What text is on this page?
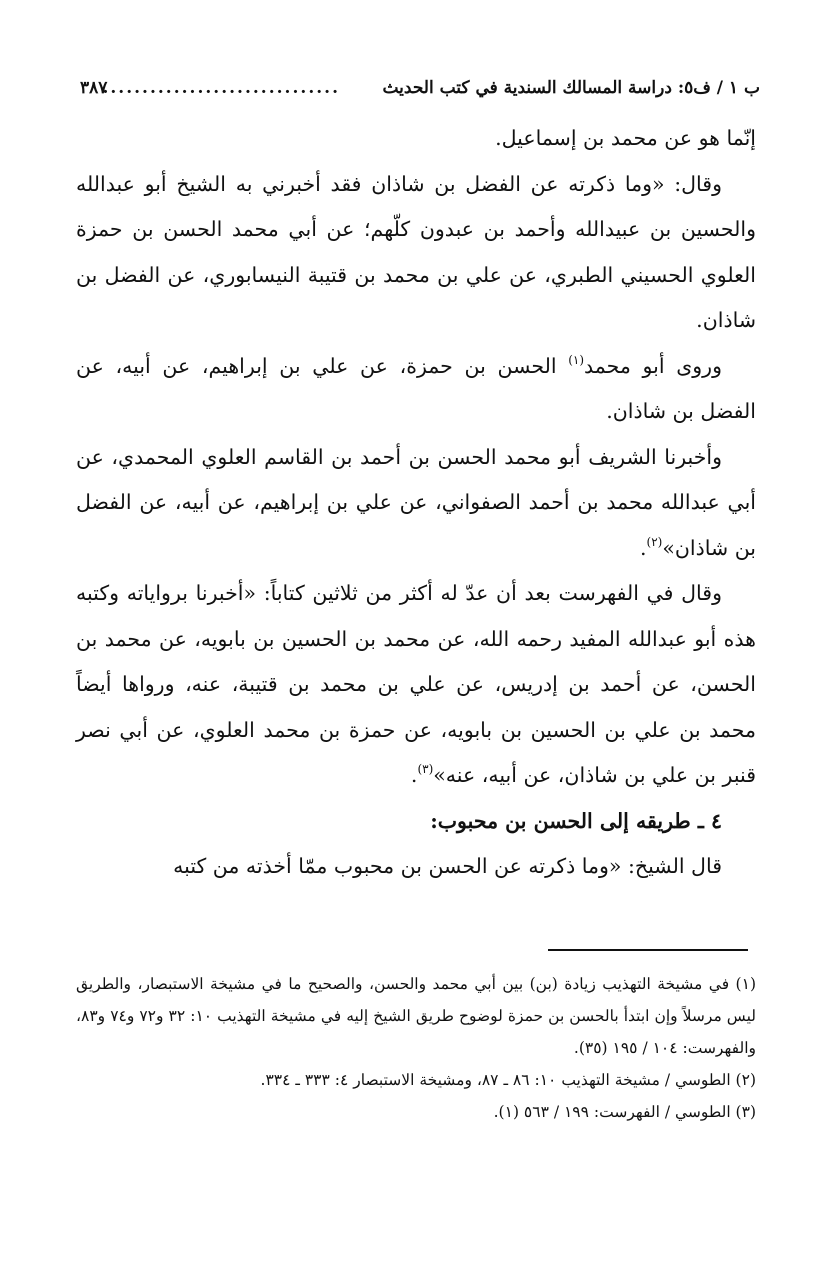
ب ١ / ف٥: دراسة المسالك السندية في كتب الحديث
..............................
٣٨٧

إنّما هو عن محمد بن إسماعيل.

وقال: «وما ذكرته عن الفضل بن شاذان فقد أخبرني به الشيخ أبو عبدالله والحسين بن عبيدالله وأحمد بن عبدون كلّهم؛ عن أبي محمد الحسن بن حمزة العلوي الحسيني الطبري، عن علي بن محمد بن قتيبة النيسابوري، عن الفضل بن شاذان.

وروى أبو محمد$^{(١)}$ الحسن بن حمزة، عن علي بن إبراهيم، عن أبيه، عن الفضل بن شاذان.

وأخبرنا الشريف أبو محمد الحسن بن أحمد بن القاسم العلوي المحمدي، عن أبي عبدالله محمد بن أحمد الصفواني، عن علي بن إبراهيم، عن أبيه، عن الفضل بن شاذان»$^{(٢)}$.

وقال في الفهرست بعد أن عدّ له أكثر من ثلاثين كتاباً: «أخبرنا برواياته وكتبه هذه أبو عبدالله المفيد رحمه الله، عن محمد بن الحسين بن بابويه، عن محمد بن الحسن، عن أحمد بن إدريس، عن علي بن محمد بن قتيبة، عنه، ورواها أيضاً محمد بن علي بن الحسين بن بابويه، عن حمزة بن محمد العلوي، عن أبي نصر قنبر بن علي بن شاذان، عن أبيه، عنه»$^{(٣)}$.

٤ ـ طريقه إلى الحسن بن محبوب:

قال الشيخ: «وما ذكرته عن الحسن بن محبوب ممّا أخذته من كتبه

(١) في مشيخة التهذيب زيادة (بن) بين أبي محمد والحسن، والصحيح ما في مشيخة الاستبصار، والطريق ليس مرسلاً وإن ابتدأ بالحسن بن حمزة لوضوح طريق الشيخ إليه في مشيخة التهذيب ١٠: ٣٢ و٧٢ و٧٤ و٨٣، والفهرست: ١٠٤ / ١٩٥ (٣٥).

(٢) الطوسي / مشيخة التهذيب ١٠: ٨٦ ـ ٨٧، ومشيخة الاستبصار ٤: ٣٣٣ ـ ٣٣٤.

(٣) الطوسي / الفهرست: ١٩٩ / ٥٦٣ (١).
